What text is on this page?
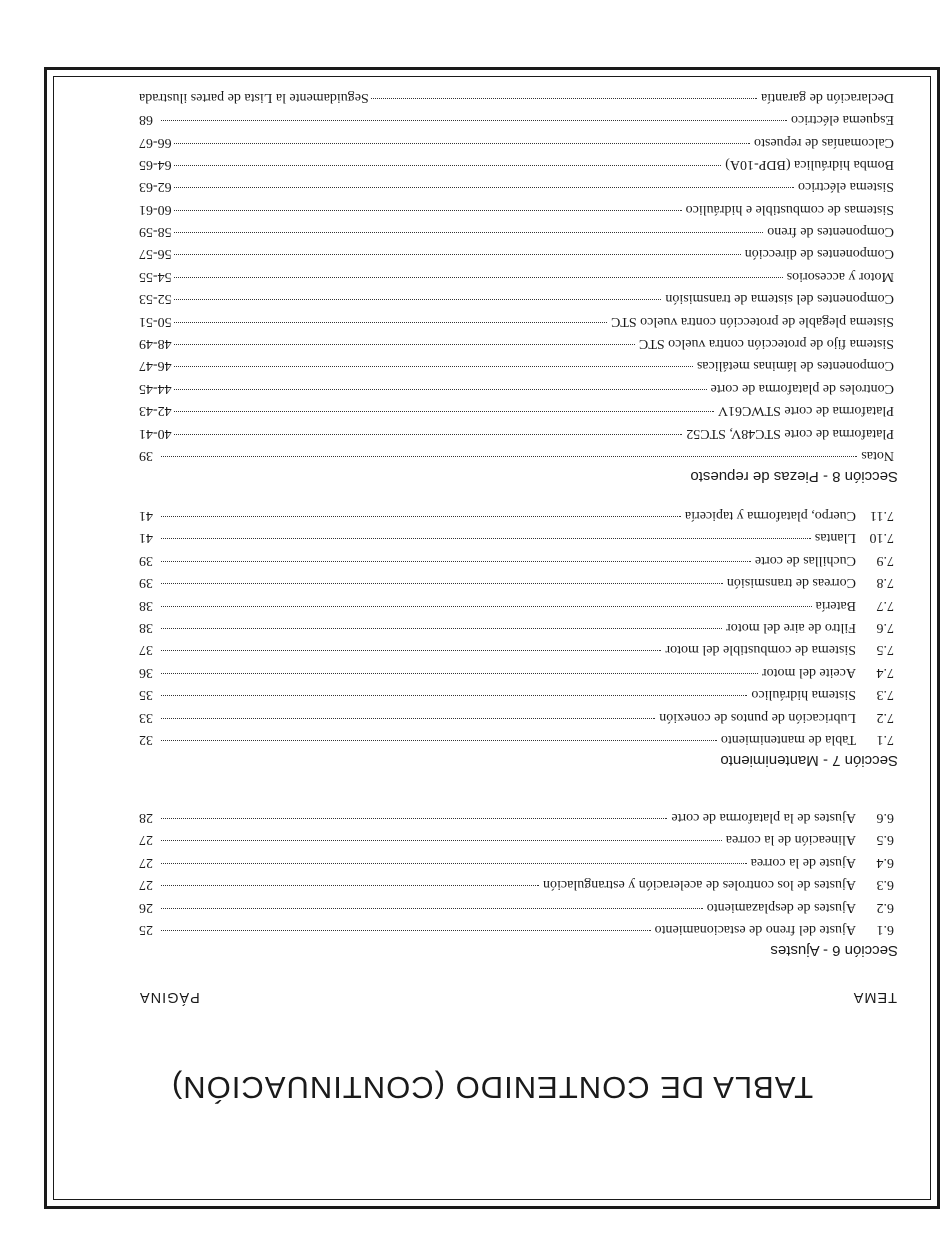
TABLA DE CONTENIDO (CONTINUACIÓN)
TEMA
PÁGINA
Sección 6 - Ajustes
6.1
Ajuste del freno de estacionamiento
25
6.2
Ajustes de desplazamiento
26
6.3
Ajustes de los controles de aceleración y estrangulación
27
6.4
Ajuste de la correa
27
6.5
Alineación de la correa
27
6.6
Ajustes de la plataforma de corte
28
Sección 7 - Mantenimiento
7.1
Tabla de mantenimiento
32
7.2
Lubricación de puntos de conexión
33
7.3
Sistema hidráulico
35
7.4
Aceite del motor
36
7.5
Sistema de combustible del motor
37
7.6
Filtro de aire del motor
38
7.7
Batería
38
7.8
Correas de transmisión
39
7.9
Cuchillas de corte
39
7.10
Llantas
41
7.11
Cuerpo, plataforma y tapicería
41
Sección 8 - Piezas de repuesto
Notas
39
Plataforma de corte STC48V, STC52
40-41
Plataforma de corte STWC61V
42-43
Controles de plataforma de corte
44-45
Componentes de láminas metálicas
46-47
Sistema fijo de protección contra vuelco STC
48-49
Sistema plegable de protección contra vuelco STC
50-51
Componentes del sistema de transmisión
52-53
Motor y accesorios
54-55
Componentes de dirección
56-57
Componentes de freno
58-59
Sistemas de combustible e hidráulico
60-61
Sistema eléctrico
62-63
Bomba hidráulica (BDP-10A)
64-65
Calcomanías de repuesto
66-67
Esquema eléctrico
68
Declaración de garantía
Seguidamente la Lista de partes ilustrada
